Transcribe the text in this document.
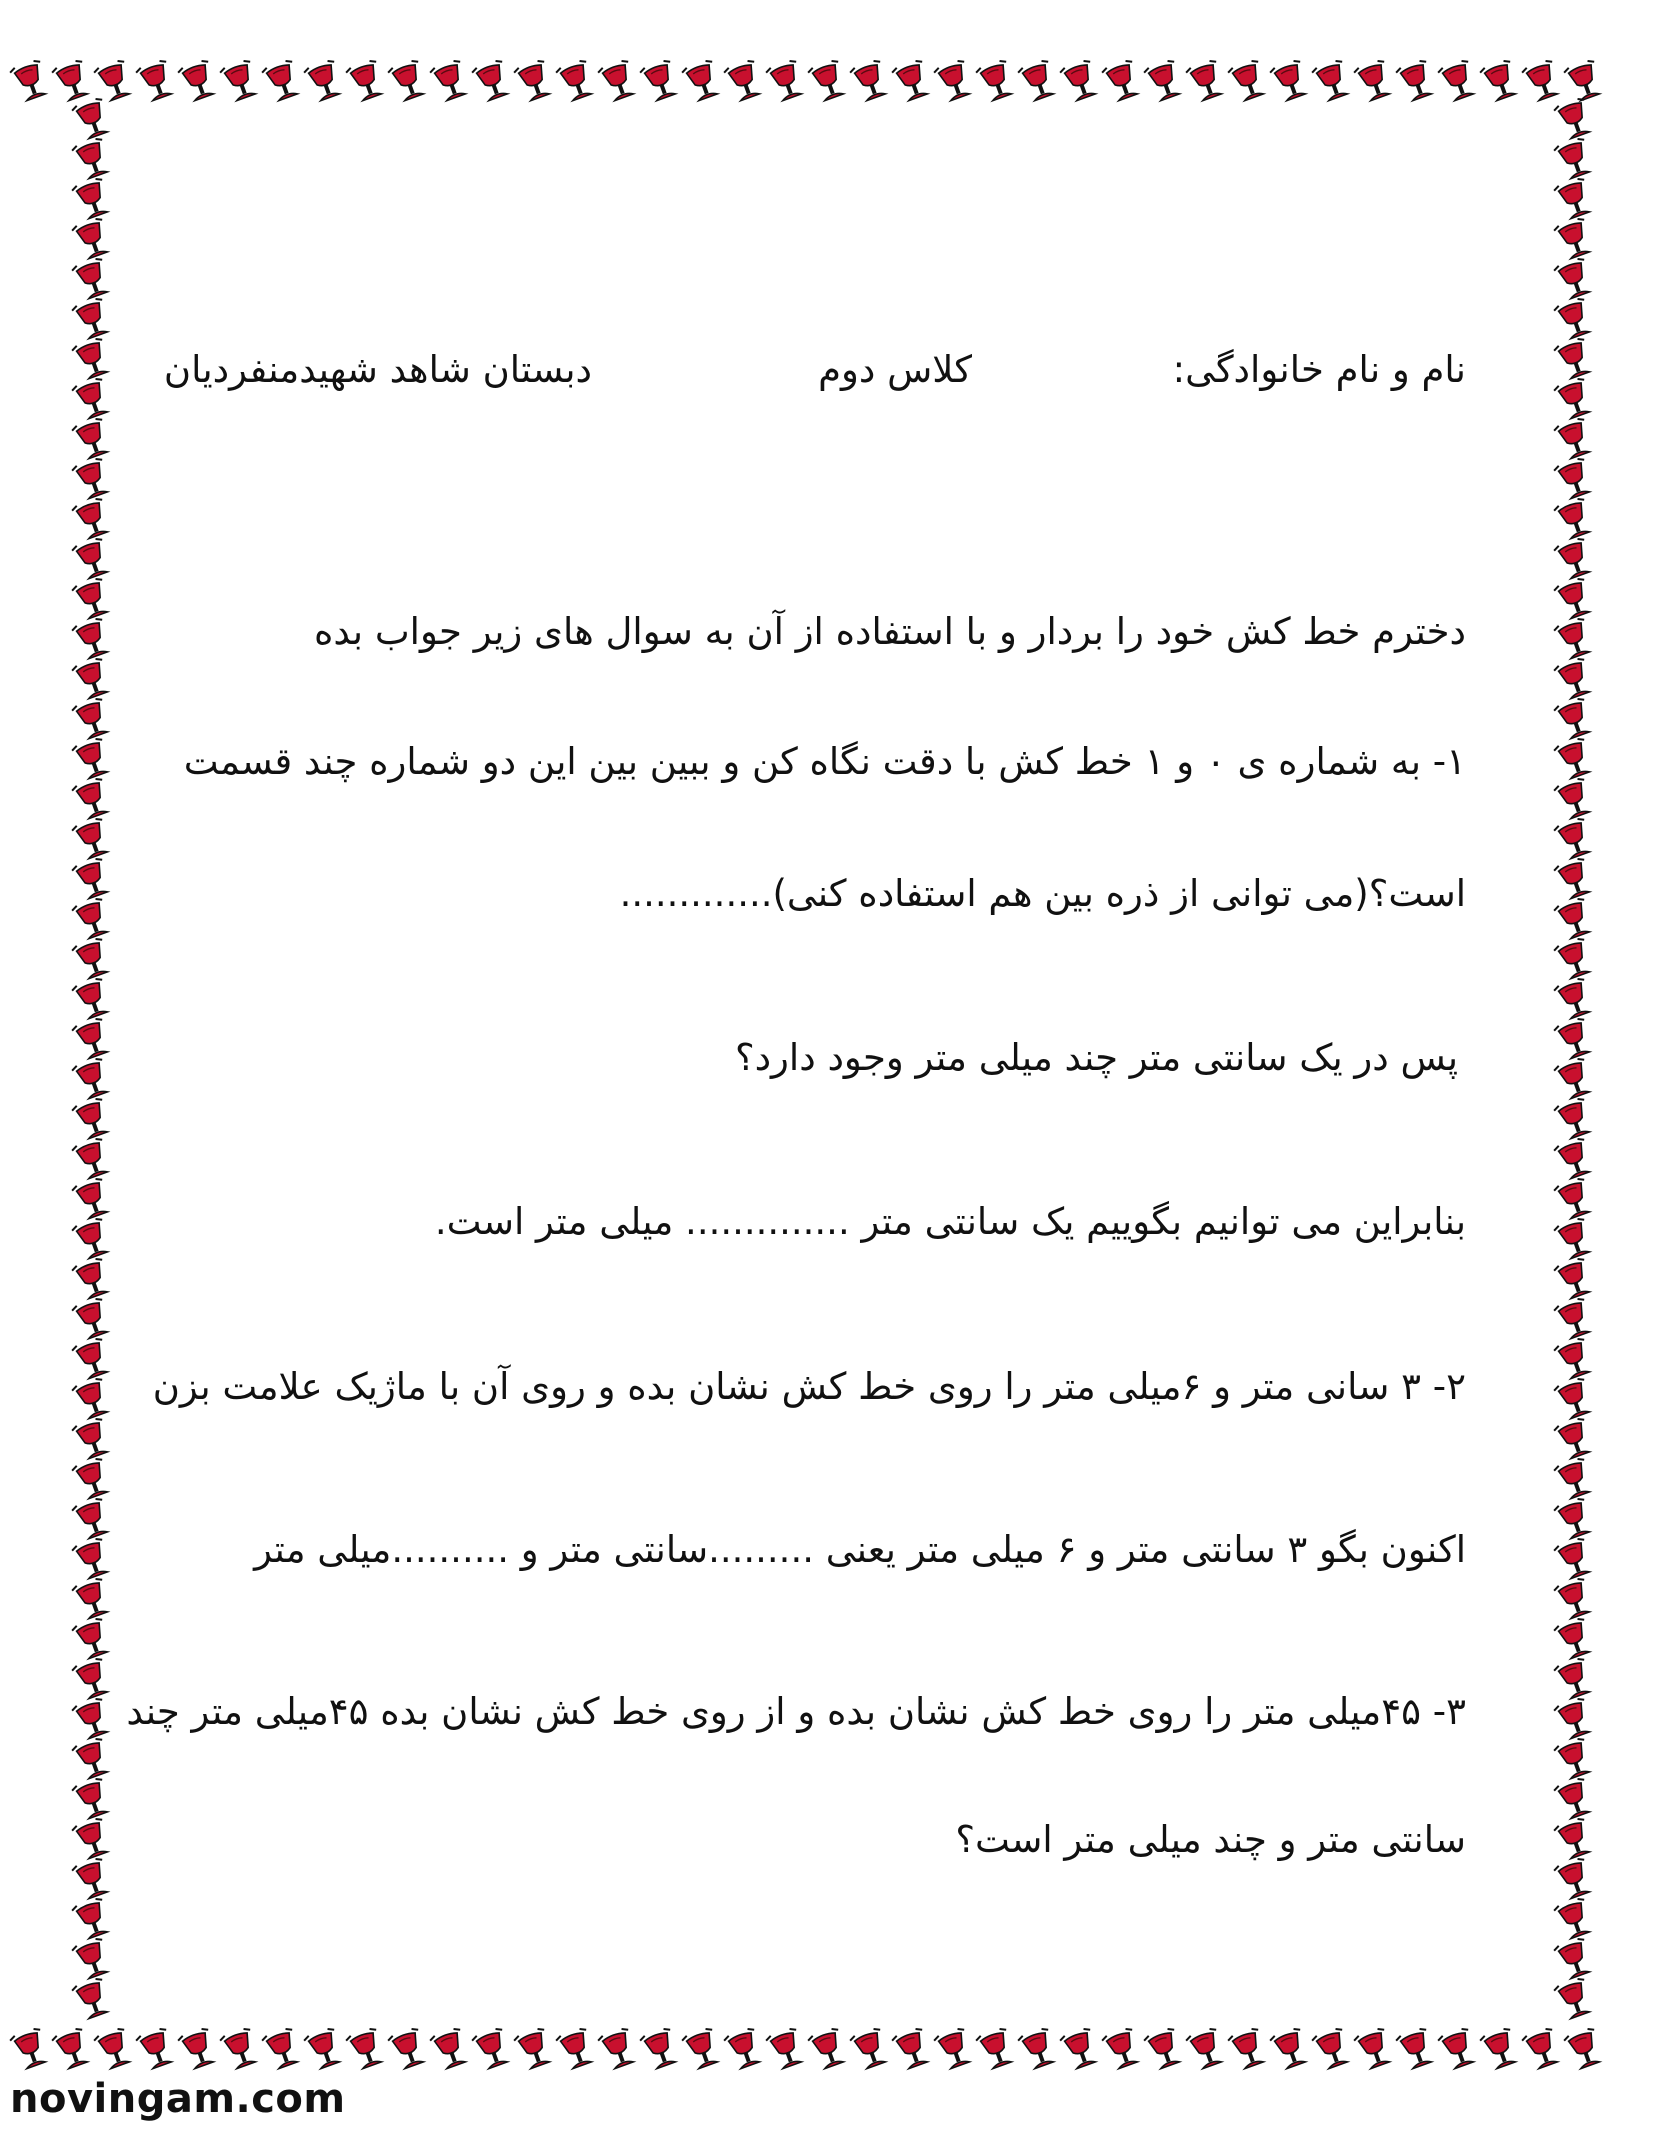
نام و نام خانوادگی:
کلاس دوم
دبستان شاهد شهیدمنفردیان
دخترم خط کش خود را بردار و با استفاده از آن به سوال های زیر جواب بده
۱- به شماره ی ۰ و ۱ خط کش با دقت نگاه کن و ببین بین این دو شماره چند قسمت
است؟(می توانی از ذره بین هم استفاده کنی).............
پس در یک سانتی متر چند میلی متر وجود دارد؟
بنابراین می توانیم بگوییم یک سانتی متر .............. میلی متر است.
۲- ۳ سانی متر و ۶میلی متر را روی خط کش نشان بده و روی آن با ماژیک علامت بزن
اکنون بگو ۳ سانتی متر و ۶ میلی متر یعنی .........سانتی متر و ..........میلی متر
۳- ۴۵میلی متر را روی خط کش نشان بده و از روی خط کش نشان بده ۴۵میلی متر چند
سانتی متر و چند میلی متر است؟
novingam.com
